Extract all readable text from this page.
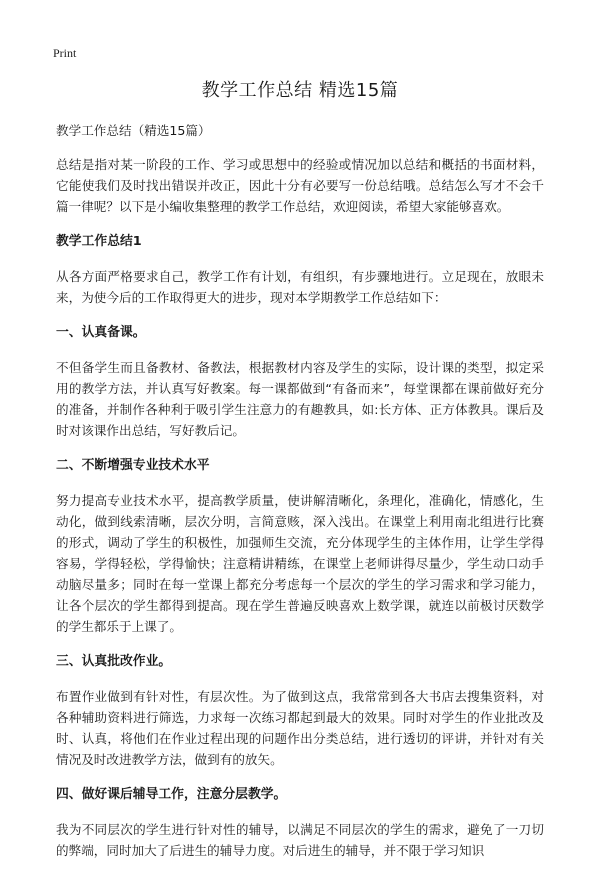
Print
教学工作总结 精选15篇

教学工作总结（精选15篇）

总结是指对某一阶段的工作、学习或思想中的经验或情况加以总结和概括的书面材料，它能使我们及时找出错误并改正，因此十分有必要写一份总结哦。总结怎么写才不会千篇一律呢？以下是小编收集整理的教学工作总结，欢迎阅读，希望大家能够喜欢。

教学工作总结1

从各方面严格要求自己，教学工作有计划，有组织，有步骤地进行。立足现在，放眼未来，为使今后的工作取得更大的进步，现对本学期教学工作总结如下：

一、认真备课。

不但备学生而且备教材、备教法，根据教材内容及学生的实际，设计课的类型，拟定采用的教学方法，并认真写好教案。每一课都做到“有备而来”，每堂课都在课前做好充分的准备，并制作各种利于吸引学生注意力的有趣教具，如:长方体、正方体教具。课后及时对该课作出总结，写好教后记。

二、不断增强专业技术水平

努力提高专业技术水平，提高教学质量，使讲解清晰化，条理化，准确化，情感化，生动化，做到线索清晰，层次分明，言简意赅，深入浅出。在课堂上利用南北组进行比赛的形式，调动了学生的积极性，加强师生交流，充分体现学生的主体作用，让学生学得容易，学得轻松，学得愉快；注意精讲精练，在课堂上老师讲得尽量少，学生动口动手动脑尽量多；同时在每一堂课上都充分考虑每一个层次的学生的学习需求和学习能力，让各个层次的学生都得到提高。现在学生普遍反映喜欢上数学课，就连以前极讨厌数学的学生都乐于上课了。

三、认真批改作业。

布置作业做到有针对性，有层次性。为了做到这点，我常常到各大书店去搜集资料，对各种辅助资料进行筛选，力求每一次练习都起到最大的效果。同时对学生的作业批改及时、认真，将他们在作业过程出现的问题作出分类总结，进行透切的评讲，并针对有关情况及时改进教学方法，做到有的放矢。

四、做好课后辅导工作，注意分层教学。

我为不同层次的学生进行针对性的辅导，以满足不同层次的学生的需求，避免了一刀切的弊端，同时加大了后进生的辅导力度。对后进生的辅导，并不限于学习知识
